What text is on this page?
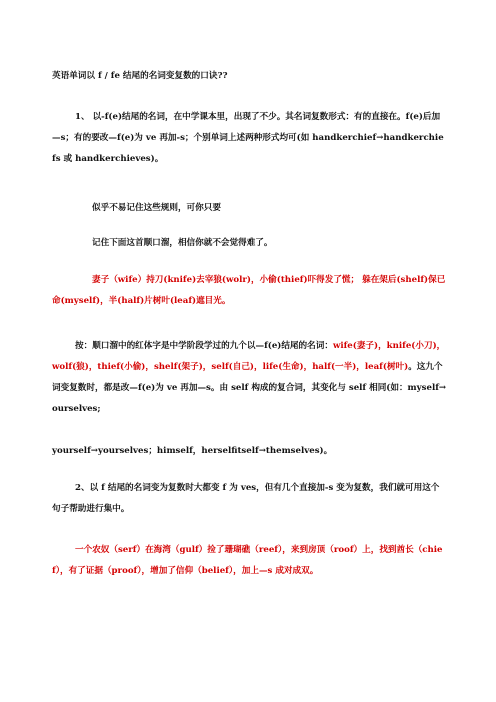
英语单词以 f / fe 结尾的名词变复数的口诀??

1、 以-f(e)结尾的名词，在中学课本里，出现了不少。其名词复数形式：有的直接在。f(e)后加—s；有的要改—f(e)为 ve 再加-s；个别单词上述两种形式均可(如 handkerchief→handkerchiefs 或 handkerchieves)。

似乎不易记住这些规则，可你只要

记住下面这首顺口溜，相信你就不会觉得难了。

妻子（wife）持刀(knife)去宰狼(wolr)，小偷(thief)吓得发了慌； 躲在架后(shelf)保已命(myself)，半(half)片树叶(leaf)遮目光。

按：顺口溜中的红体字是中学阶段学过的九个以—f(e)结尾的名词：wife(妻子)，knife(小刀)，wolf(狼)，thief(小偷)，shelf(架子)，self(自己)，life(生命)，half(一半)，leaf(树叶)。这九个词变复数时，都是改—f(e)为 ve 再加—s。由 self 构成的复合词，其变化与 self 相同(如：myself→ourselves;

yourself→yourselves；himself，herselfitself→themselves)。

2、以 f 结尾的名词变为复数时大都变 f 为 ves，但有几个直接加-s 变为复数，我们就可用这个句子帮助进行集中。

一个农奴（serf）在海湾（gulf）捡了珊瑚礁（reef），来到房顶（roof）上，找到酋长（chief），有了证据（proof），增加了信仰（belief），加上—s 成对成双。
